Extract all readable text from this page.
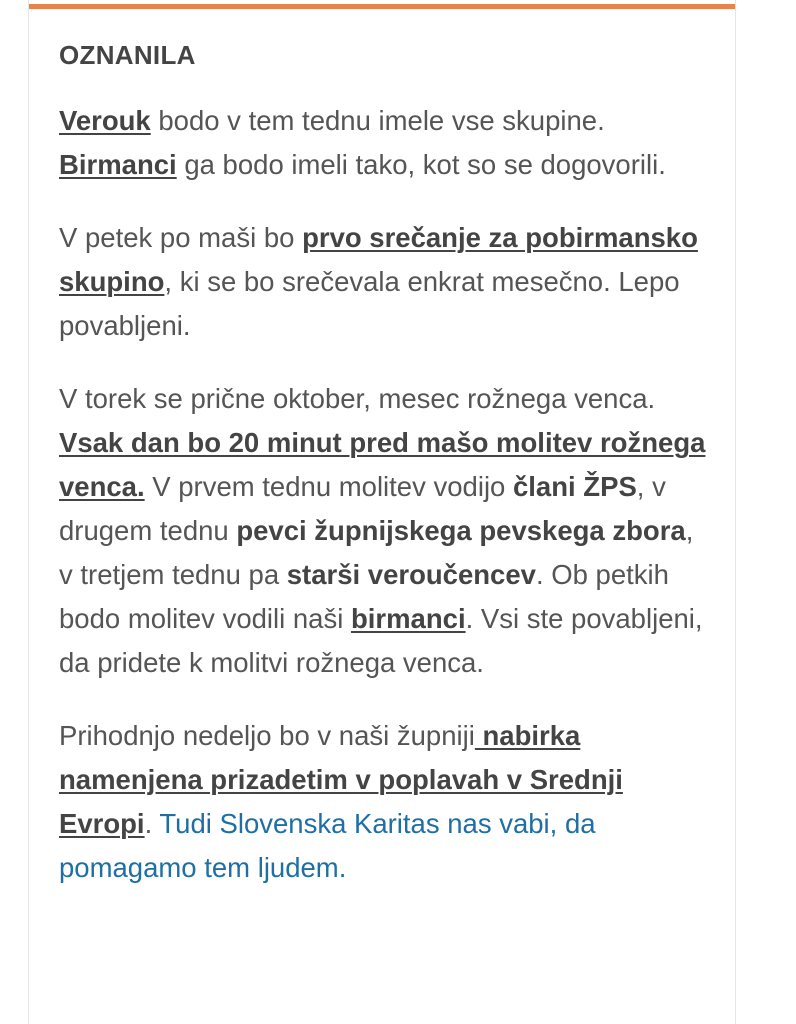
OZNANILA

Verouk bodo v tem tednu imele vse skupine. Birmanci ga bodo imeli tako, kot so se dogovorili.

V petek po maši bo prvo srečanje za pobirmansko skupino, ki se bo srečevala enkrat mesečno. Lepo povabljeni.

V torek se prične oktober, mesec rožnega venca. Vsak dan bo 20 minut pred mašo molitev rožnega venca. V prvem tednu molitev vodijo člani ŽPS, v drugem tednu pevci župnijskega pevskega zbora, v tretjem tednu pa starši veroučencev. Ob petkih bodo molitev vodili naši birmanci. Vsi ste povabljeni, da pridete k molitvi rožnega venca.

Prihodnjo nedeljo bo v naši župniji nabirka namenjena prizadetim v poplavah v Srednji Evropi. Tudi Slovenska Karitas nas vabi, da pomagamo tem ljudem.
